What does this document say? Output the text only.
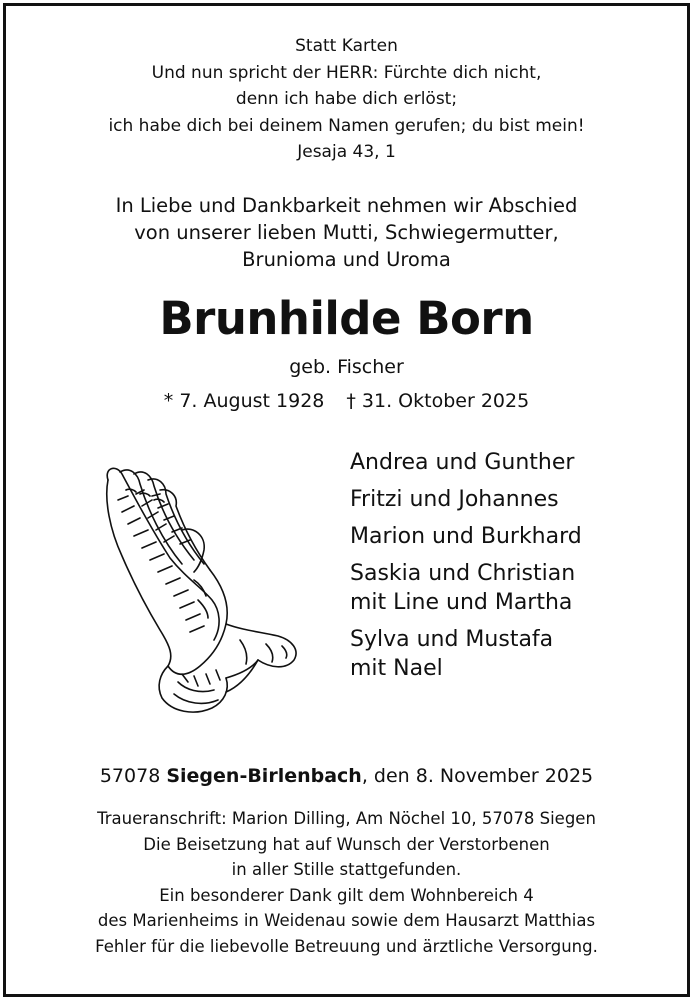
Statt Karten
Und nun spricht der HERR: Fürchte dich nicht,
denn ich habe dich erlöst;
ich habe dich bei deinem Namen gerufen; du bist mein!
Jesaja 43, 1
In Liebe und Dankbarkeit nehmen wir Abschied
von unserer lieben Mutti, Schwiegermutter,
Brunioma und Uroma
Brunhilde Born
geb. Fischer
* 7. August 1928 † 31. Oktober 2025
Andrea und Gunther
Fritzi und Johannes
Marion und Burkhard
Saskia und Christian
mit Line und Martha
Sylva und Mustafa
mit Nael
57078 Siegen-Birlenbach, den 8. November 2025
Traueranschrift: Marion Dilling, Am Nöchel 10, 57078 Siegen
Die Beisetzung hat auf Wunsch der Verstorbenen
in aller Stille stattgefunden.
Ein besonderer Dank gilt dem Wohnbereich 4
des Marienheims in Weidenau sowie dem Hausarzt Matthias
Fehler für die liebevolle Betreuung und ärztliche Versorgung.
